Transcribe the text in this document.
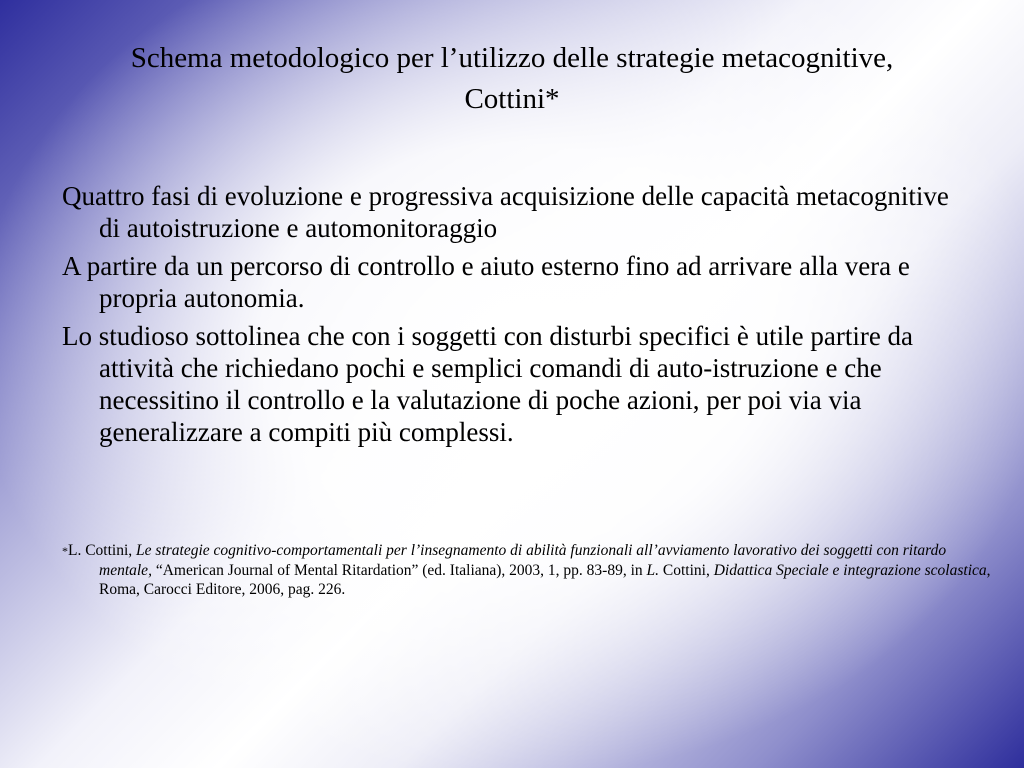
Schema metodologico per l’utilizzo delle strategie metacognitive,
Cottini*
Quattro fasi di evoluzione e progressiva acquisizione delle capacità metacognitive di autoistruzione e automonitoraggio
A partire da un percorso di controllo e aiuto esterno fino ad arrivare alla vera e propria autonomia.
Lo studioso sottolinea che con i soggetti con disturbi specifici è utile partire da attività che richiedano pochi e semplici comandi di auto-istruzione e che necessitino il controllo e la valutazione di poche azioni, per poi via via generalizzare a compiti più complessi.

*L. Cottini, Le strategie cognitivo-comportamentali per l’insegnamento di abilità funzionali all’avviamento lavorativo dei soggetti con ritardo mentale, “American Journal of Mental Ritardation” (ed. Italiana), 2003, 1, pp. 83-89, in L. Cottini, Didattica Speciale e integrazione scolastica, Roma, Carocci Editore, 2006, pag. 226.
